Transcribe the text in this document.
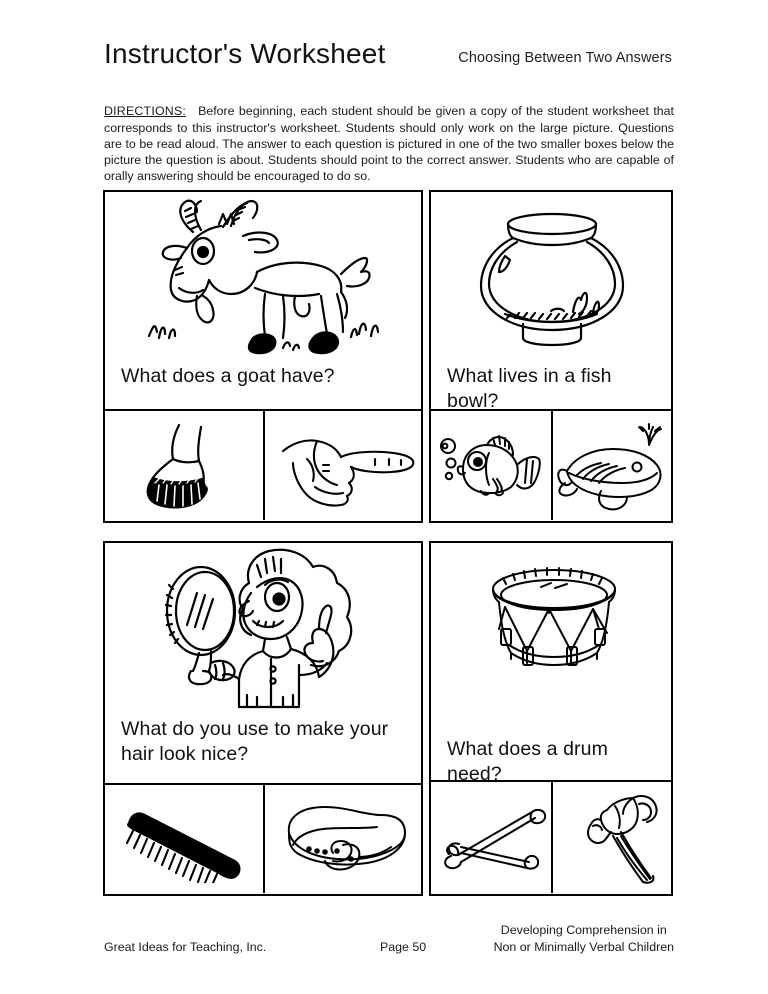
Instructor's Worksheet	Choosing Between Two Answers

DIRECTIONS: Before beginning, each student should be given a copy of the student worksheet that corresponds to this instructor's worksheet. Students should only work on the large picture. Questions are to be read aloud. The answer to each question is pictured in one of the two smaller boxes below the picture the question is about. Students should point to the correct answer. Students who are capable of orally answering should be encouraged to do so.

What does a goat have?	What lives in a fish bowl?
What do you use to make your hair look nice?	What does a drum need?
Great Ideas for Teaching, Inc.	Page 50
Developing Comprehension in
Non or Minimally Verbal Children
